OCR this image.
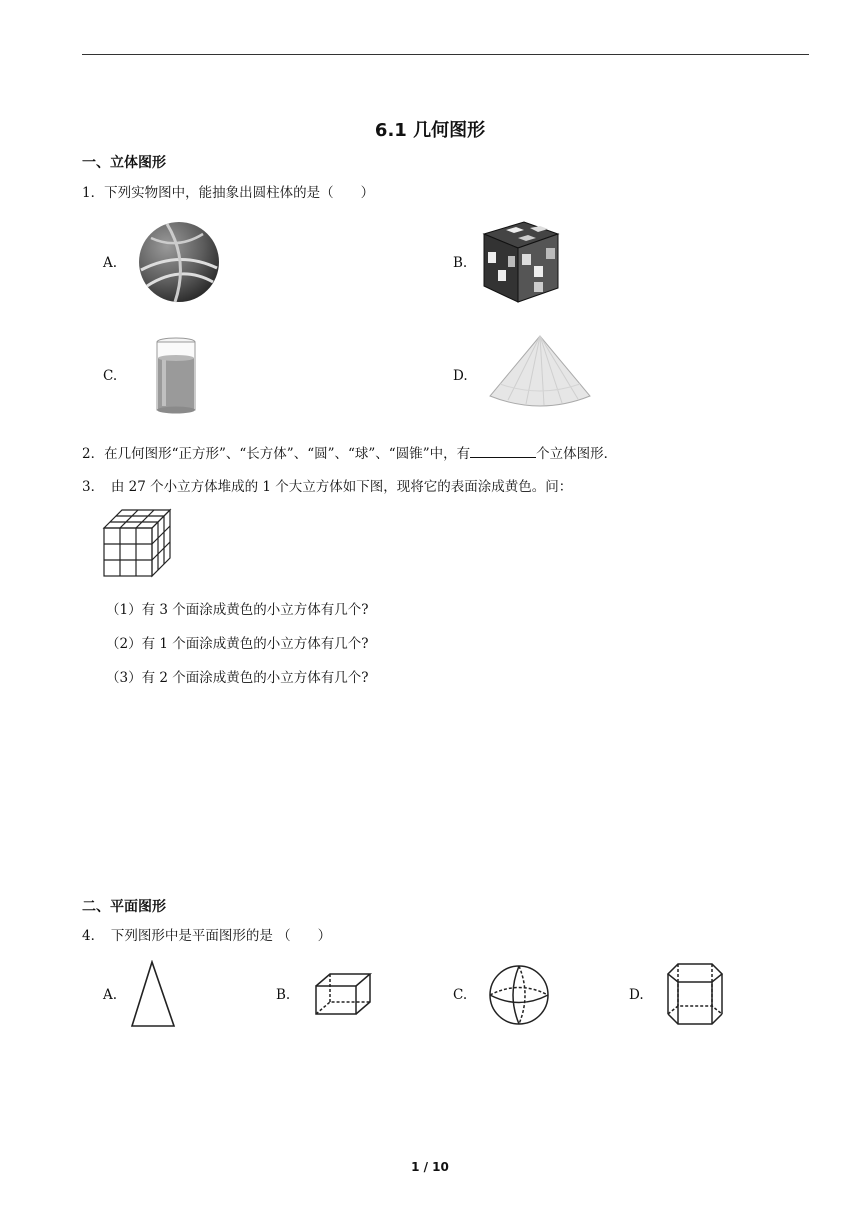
6.1 几何图形
一、立体图形
1．下列实物图中，能抽象出圆柱体的是（　　）
A.	B.
C.	D.
2．在几何图形“正方形”、“长方体”、“圆”、“球”、“圆锥”中，有	个立体图形．
3．　由 27 个小立方体堆成的 1 个大立方体如下图，现将它的表面涂成黄色。问：
（1）有 3 个面涂成黄色的小立方体有几个?
（2）有 1 个面涂成黄色的小立方体有几个?
（3）有 2 个面涂成黄色的小立方体有几个?
二、平面图形
4．　下列图形中是平面图形的是 （　　）
A.	B.	C.	D.
1 / 10
